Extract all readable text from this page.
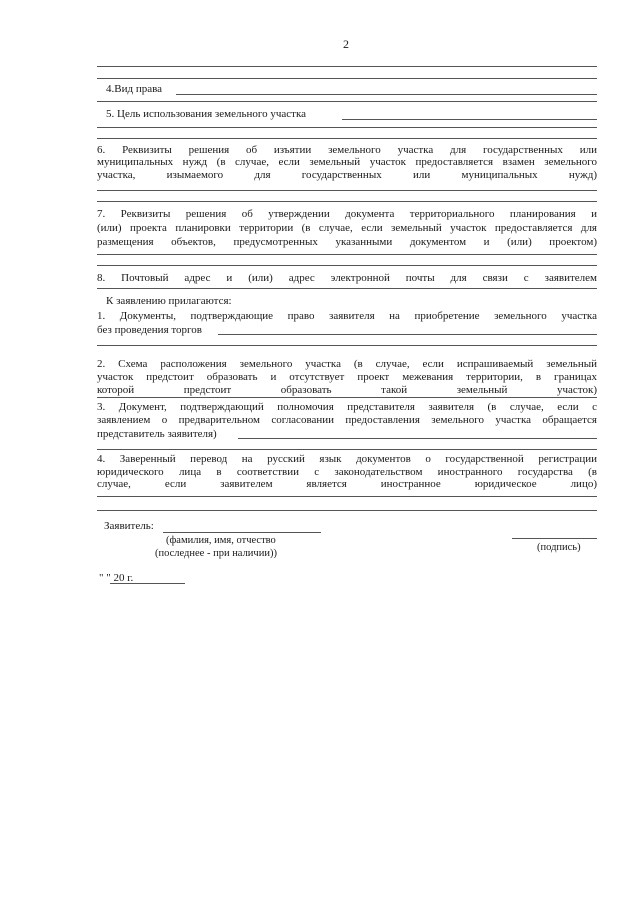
2
4.Вид права
5. Цель использования земельного участка
6. Реквизиты решения об изъятии земельного участка для государственных или
муниципальных нужд (в случае, если земельный участок предоставляется взамен земельного
участка, изымаемого для государственных или муниципальных нужд)
7. Реквизиты решения об утверждении документа территориального планирования и
(или) проекта планировки территории (в случае, если земельный участок предоставляется для
размещения объектов, предусмотренных указанными документом и (или) проектом)
8. Почтовый адрес и (или) адрес электронной почты для связи с заявителем
К заявлению прилагаются:
1. Документы, подтверждающие право заявителя на приобретение земельного участка
без проведения торгов
2. Схема расположения земельного участка (в случае, если испрашиваемый земельный
участок предстоит образовать и отсутствует проект межевания территории, в границах
которой предстоит образовать такой земельный участок)
3. Документ, подтверждающий полномочия представителя заявителя (в случае, если с
заявлением о предварительном согласовании предоставления земельного участка обращается
представитель заявителя)
4. Заверенный перевод на русский язык документов о государственной регистрации
юридического лица в соответствии с законодательством иностранного государства (в
случае, если заявителем является иностранное юридическое лицо)
Заявитель:
(фамилия, имя, отчество
(последнее - при наличии))
(подпись)
" " 20 г.
